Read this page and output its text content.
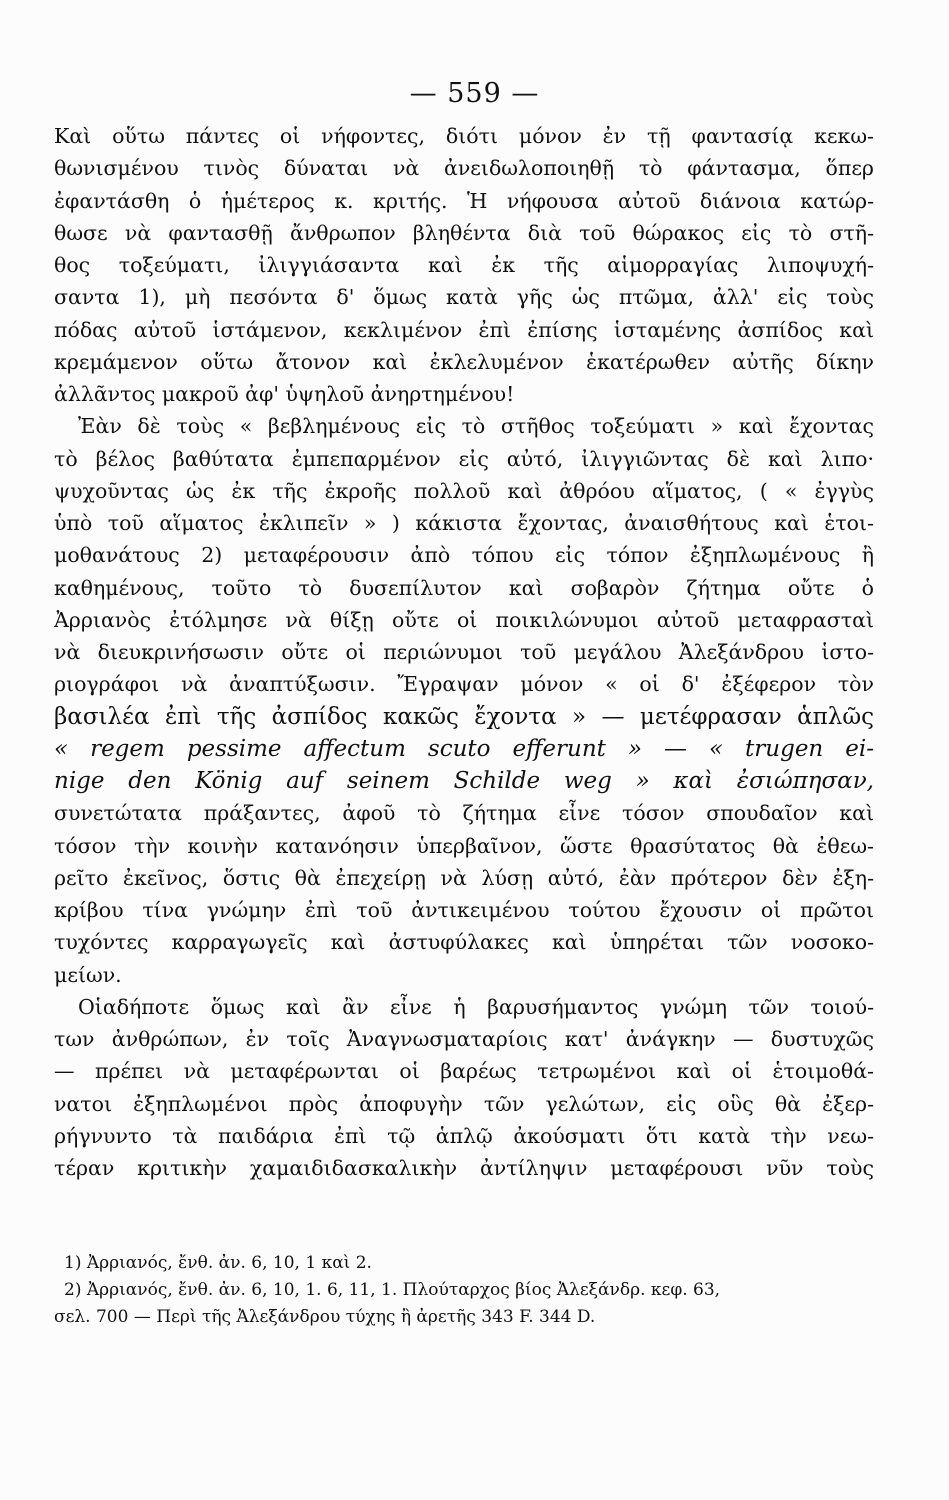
— 559 —
Καὶ οὕτω πάντες οἱ νήφοντες, διότι μόνον ἐν τῇ φαντασίᾳ κεκω-
θωνισμένου τινὸς δύναται νὰ ἀνειδωλοποιηθῇ τὸ φάντασμα, ὅπερ
ἐφαντάσθη ὁ ἡμέτερος κ. κριτής. Ἡ νήφουσα αὐτοῦ διάνοια κατώρ-
θωσε νὰ φαντασθῇ ἄνθρωπον βληθέντα διὰ τοῦ θώρακος εἰς τὸ στῆ-
θος τοξεύματι, ἰλιγγιάσαντα καὶ ἐκ τῆς αἱμορραγίας λιποψυχή-
σαντα 1), μὴ πεσόντα δ' ὅμως κατὰ γῆς ὡς πτῶμα, ἀλλ' εἰς τοὺς
πόδας αὐτοῦ ἱστάμενον, κεκλιμένον ἐπὶ ἐπίσης ἱσταμένης ἀσπίδος καὶ
κρεμάμενον οὕτω ἄτονον καὶ ἐκλελυμένον ἑκατέρωθεν αὐτῆς δίκην
ἀλλᾶντος μακροῦ ἀφ' ὑψηλοῦ ἀνηρτημένου!
Ἐὰν δὲ τοὺς « βεβλημένους εἰς τὸ στῆθος τοξεύματι » καὶ ἔχοντας
τὸ βέλος βαθύτατα ἐμπεπαρμένον εἰς αὐτό, ἰλιγγιῶντας δὲ καὶ λιπο·
ψυχοῦντας ὡς ἐκ τῆς ἐκροῆς πολλοῦ καὶ ἀθρόου αἵματος, ( « ἐγγὺς
ὑπὸ τοῦ αἵματος ἐκλιπεῖν » ) κάκιστα ἔχοντας, ἀναισθήτους καὶ ἑτοι-
μοθανάτους 2) μεταφέρουσιν ἀπὸ τόπου εἰς τόπον ἐξηπλωμένους ἢ
καθημένους, τοῦτο τὸ δυσεπίλυτον καὶ σοβαρὸν ζήτημα οὔτε ὁ
Ἀρριανὸς ἐτόλμησε νὰ θίξῃ οὔτε οἱ ποικιλώνυμοι αὐτοῦ μεταφρασταὶ
νὰ διευκρινήσωσιν οὔτε οἱ περιώνυμοι τοῦ μεγάλου Ἀλεξάνδρου ἱστο-
ριογράφοι νὰ ἀναπτύξωσιν. Ἔγραψαν μόνον « οἱ δ' ἐξέφερον τὸν
βασιλέα ἐπὶ τῆς ἀσπίδος κακῶς ἔχοντα » — μετέφρασαν ἁπλῶς
« regem pessime affectum scuto efferunt » — « trugen ei-
nige den König auf seinem Schilde weg » καὶ ἐσιώπησαν,
συνετώτατα πράξαντες, ἀφοῦ τὸ ζήτημα εἶνε τόσον σπουδαῖον καὶ
τόσον τὴν κοινὴν κατανόησιν ὑπερβαῖνον, ὥστε θρασύτατος θὰ ἐθεω-
ρεῖτο ἐκεῖνος, ὅστις θὰ ἐπεχείρῃ νὰ λύσῃ αὐτό, ἐὰν πρότερον δὲν ἐξη-
κρίβου τίνα γνώμην ἐπὶ τοῦ ἀντικειμένου τούτου ἔχουσιν οἱ πρῶτοι
τυχόντες καρραγωγεῖς καὶ ἀστυφύλακες καὶ ὑπηρέται τῶν νοσοκο-
μείων.
Οἱαδήποτε ὅμως καὶ ἂν εἶνε ἡ βαρυσήμαντος γνώμη τῶν τοιού-
των ἀνθρώπων, ἐν τοῖς Ἀναγνωσματαρίοις κατ' ἀνάγκην — δυστυχῶς
— πρέπει νὰ μεταφέρωνται οἱ βαρέως τετρωμένοι καὶ οἱ ἑτοιμοθά-
νατοι ἐξηπλωμένοι πρὸς ἀποφυγὴν τῶν γελώτων, εἰς οὓς θὰ ἐξερ-
ρήγνυντο τὰ παιδάρια ἐπὶ τῷ ἁπλῷ ἀκούσματι ὅτι κατὰ τὴν νεω-
τέραν κριτικὴν χαμαιδιδασκαλικὴν ἀντίληψιν μεταφέρουσι νῦν τοὺς
1) Ἀρριανός, ἔνθ. ἀν. 6, 10, 1 καὶ 2.
2) Ἀρριανός, ἔνθ. ἀν. 6, 10, 1. 6, 11, 1. Πλούταρχος βίος Ἀλεξάνδρ. κεφ. 63,
σελ. 700 — Περὶ τῆς Ἀλεξάνδρου τύχης ἢ ἀρετῆς 343 F. 344 D.
